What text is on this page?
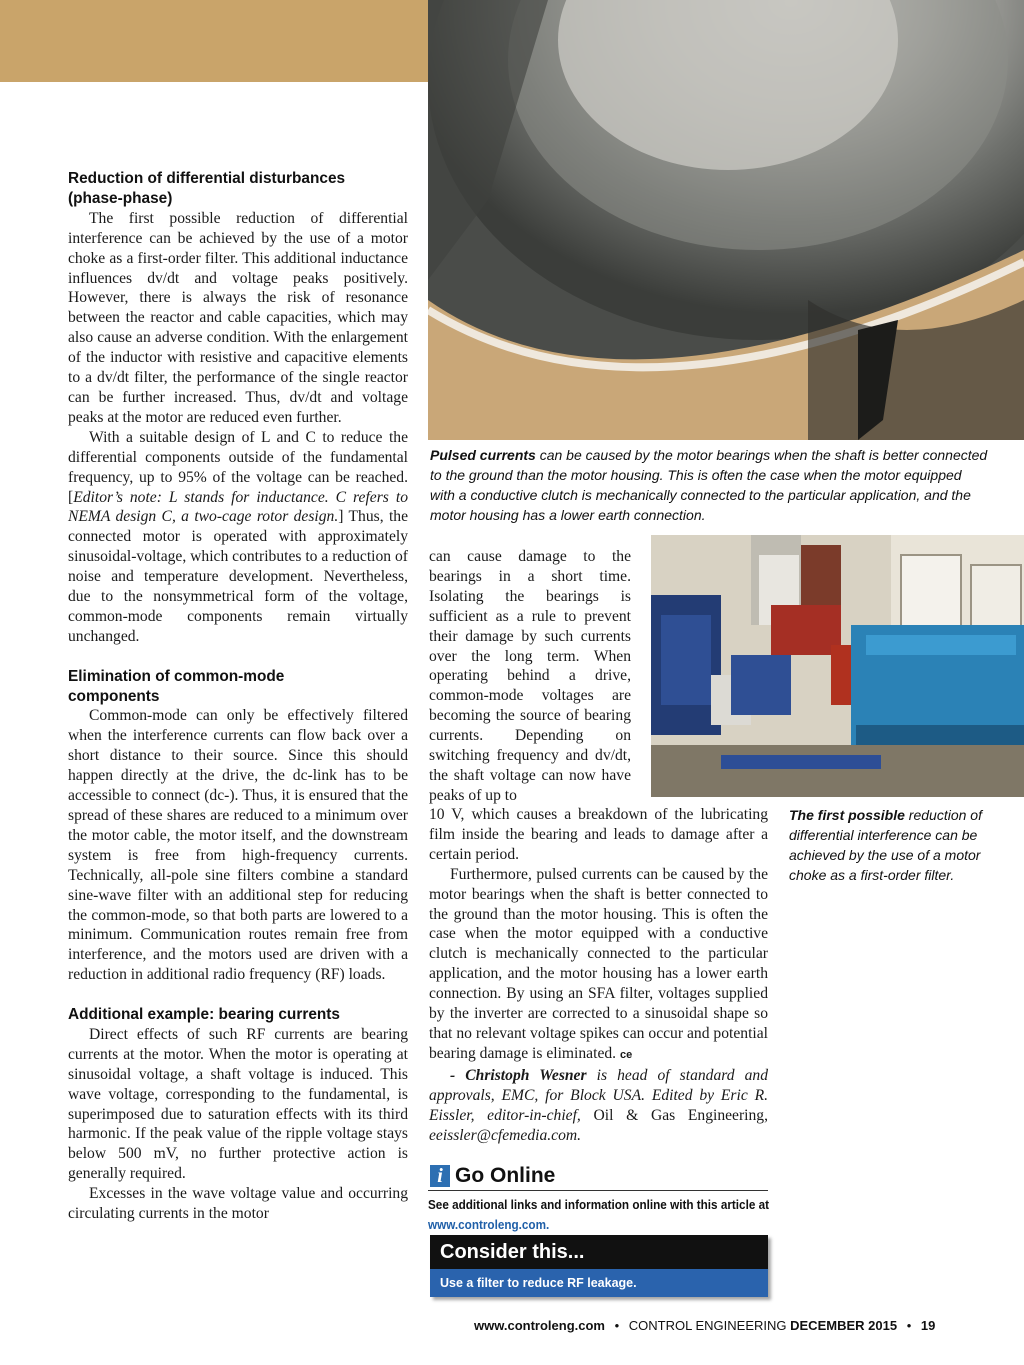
Pulsed currents can be caused by the motor bearings when the shaft is better connected to the ground than the motor housing. This is often the case when the motor equipped with a conductive clutch is mechanically connected to the particular application, and the motor housing has a lower earth connection.
The first possible reduction of differential interference can be achieved by the use of a motor choke as a first-order filter.
Reduction of differential disturbances
(phase-phase)

The first possible reduction of differential interference can be achieved by the use of a motor choke as a first-order filter. This additional inductance influences dv/dt and voltage peaks positively. However, there is always the risk of resonance between the reactor and cable capacities, which may also cause an adverse condition. With the enlargement of the inductor with resistive and capacitive elements to a dv/dt filter, the performance of the single reactor can be further increased. Thus, dv/dt and voltage peaks at the motor are reduced even further.

With a suitable design of L and C to reduce the differential components outside of the fundamental frequency, up to 95% of the voltage can be reached. [Editor’s note: L stands for inductance. C refers to NEMA design C, a two-cage rotor design.] Thus, the connected motor is operated with approximately sinusoidal-voltage, which contributes to a reduction of noise and temperature development. Nevertheless, due to the nonsymmetrical form of the voltage, common-mode components remain virtually unchanged.

Elimination of common-mode
components

Common-mode can only be effectively filtered when the interference currents can flow back over a short distance to their source. Since this should happen directly at the drive, the dc-link has to be accessible to connect (dc-). Thus, it is ensured that the spread of these shares are reduced to a minimum over the motor cable, the motor itself, and the downstream system is free from high-frequency currents. Technically, all-pole sine filters combine a standard sine-wave filter with an additional step for reducing the common-mode, so that both parts are lowered to a minimum. Communication routes remain free from interference, and the motors used are driven with a reduction in additional radio frequency (RF) loads.

Additional example: bearing currents

Direct effects of such RF currents are bearing currents at the motor. When the motor is operating at sinusoidal voltage, a shaft voltage is induced. This wave voltage, corresponding to the fundamental, is superimposed due to saturation effects with its third harmonic. If the peak value of the ripple voltage stays below 500 mV, no further protective action is generally required.

Excesses in the wave voltage value and occurring circulating currents in the motor

can cause damage to the bearings in a short time. Isolating the bearings is sufficient as a rule to prevent their damage by such currents over the long term. When operating behind a drive, common-mode voltages are becoming the source of bearing currents. Depending on switching frequency and dv/dt, the shaft voltage can now have peaks of up to

10 V, which causes a breakdown of the lubricating film inside the bearing and leads to damage after a certain period.

Furthermore, pulsed currents can be caused by the motor bearings when the shaft is better connected to the ground than the motor housing. This is often the case when the motor equipped with a conductive clutch is mechanically connected to the particular application, and the motor housing has a lower earth connection. By using an SFA filter, voltages supplied by the inverter are corrected to a sinusoidal shape so that no relevant voltage spikes can occur and potential bearing damage is eliminated. ce

- Christoph Wesner is head of standard and approvals, EMC, for Block USA. Edited by Eric R. Eissler, editor-in-chief, Oil & Gas Engineering, eeissler@cfemedia.com.

i Go Online
See additional links and information online with this article at www.controleng.com.
Consider this...
Use a filter to reduce RF leakage.
www.controleng.com • CONTROL ENGINEERING DECEMBER 2015 • 19
